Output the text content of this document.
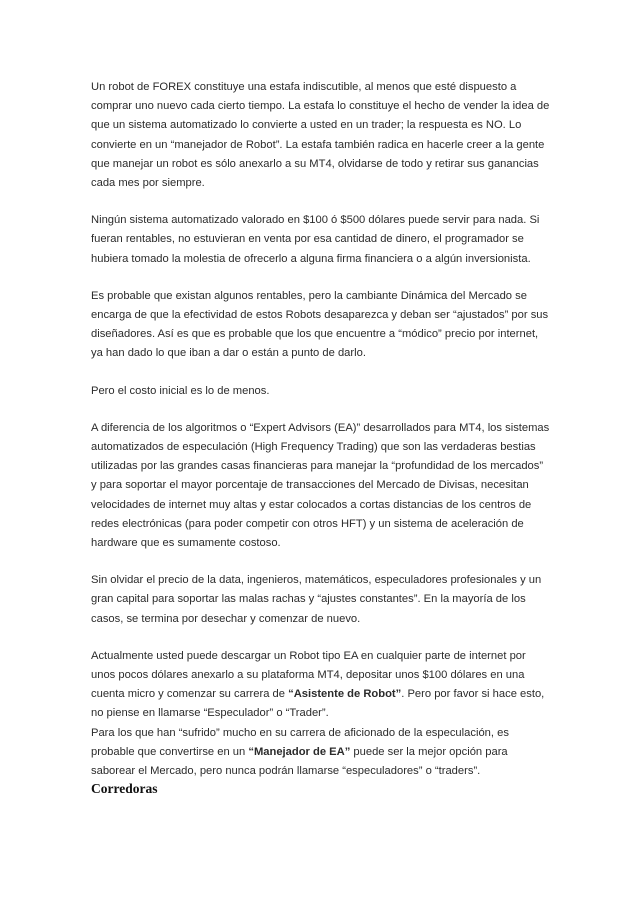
Un robot de FOREX constituye una estafa indiscutible, al menos que esté dispuesto a comprar uno nuevo cada cierto tiempo. La estafa lo constituye el hecho de vender la idea de que un sistema automatizado lo convierte a usted en un trader; la respuesta es NO. Lo convierte en un “manejador de Robot”. La estafa también radica en hacerle creer a la gente que manejar un robot es sólo anexarlo a su MT4, olvidarse de todo y retirar sus ganancias cada mes por siempre.

Ningún sistema automatizado valorado en $100 ó $500 dólares puede servir para nada. Si fueran rentables, no estuvieran en venta por esa cantidad de dinero, el programador se hubiera tomado la molestia de ofrecerlo a alguna firma financiera o a algún inversionista.

Es probable que existan algunos rentables, pero la cambiante Dinámica del Mercado se encarga de que la efectividad de estos Robots desaparezca y deban ser “ajustados” por sus diseñadores. Así es que es probable que los que encuentre a “módico” precio por internet, ya han dado lo que iban a dar o están a punto de darlo.

Pero el costo inicial es lo de menos.

A diferencia de los algoritmos o “Expert Advisors (EA)” desarrollados para MT4, los sistemas automatizados de especulación (High Frequency Trading) que son las verdaderas bestias utilizadas por las grandes casas financieras para manejar la “profundidad de los mercados” y para soportar el mayor porcentaje de transacciones del Mercado de Divisas, necesitan velocidades de internet muy altas y estar colocados a cortas distancias de los centros de redes electrónicas (para poder competir con otros HFT) y un sistema de aceleración de hardware que es sumamente costoso.

Sin olvidar el precio de la data, ingenieros, matemáticos, especuladores profesionales y un gran capital para soportar las malas rachas y “ajustes constantes”. En la mayoría de los casos, se termina por desechar y comenzar de nuevo.

Actualmente usted puede descargar un Robot tipo EA en cualquier parte de internet por unos pocos dólares anexarlo a su plataforma MT4, depositar unos $100 dólares en una cuenta micro y comenzar su carrera de “Asistente de Robot”. Pero por favor si hace esto, no piense en llamarse “Especulador” o “Trader”.

Para los que han “sufrido” mucho en su carrera de aficionado de la especulación, es probable que convertirse en un “Manejador de EA” puede ser la mejor opción para saborear el Mercado, pero nunca podrán llamarse “especuladores” o “traders”.

Corredoras
